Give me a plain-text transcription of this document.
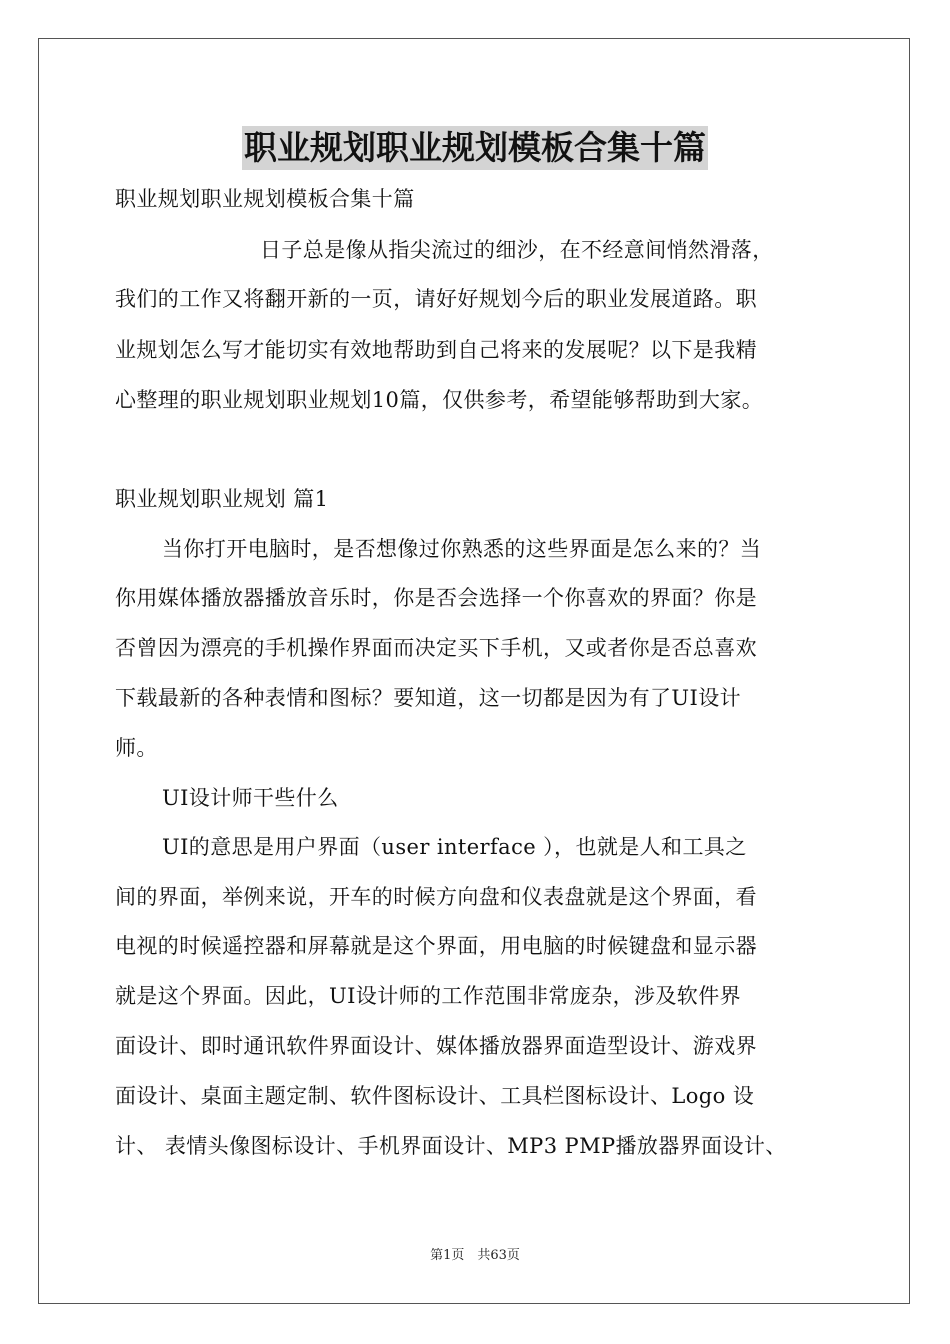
职业规划职业规划模板合集十篇
职业规划职业规划模板合集十篇
日子总是像从指尖流过的细沙，在不经意间悄然滑落，
我们的工作又将翻开新的一页，请好好规划今后的职业发展道路。职
业规划怎么写才能切实有效地帮助到自己将来的发展呢？以下是我精
心整理的职业规划职业规划10篇，仅供参考，希望能够帮助到大家。
职业规划职业规划 篇1
当你打开电脑时，是否想像过你熟悉的这些界面是怎么来的？当
你用媒体播放器播放音乐时，你是否会选择一个你喜欢的界面？你是
否曾因为漂亮的手机操作界面而决定买下手机，又或者你是否总喜欢
下载最新的各种表情和图标？要知道，这一切都是因为有了UI设计
师。
UI设计师干些什么
UI的意思是用户界面（user interface ），也就是人和工具之
间的界面，举例来说，开车的时候方向盘和仪表盘就是这个界面，看
电视的时候遥控器和屏幕就是这个界面，用电脑的时候键盘和显示器
就是这个界面。因此，UI设计师的工作范围非常庞杂，涉及软件界
面设计、即时通讯软件界面设计、媒体播放器界面造型设计、游戏界
面设计、桌面主题定制、软件图标设计、工具栏图标设计、Logo 设
计、 表情头像图标设计、手机界面设计、MP3 PMP播放器界面设计、
第1页　共63页
